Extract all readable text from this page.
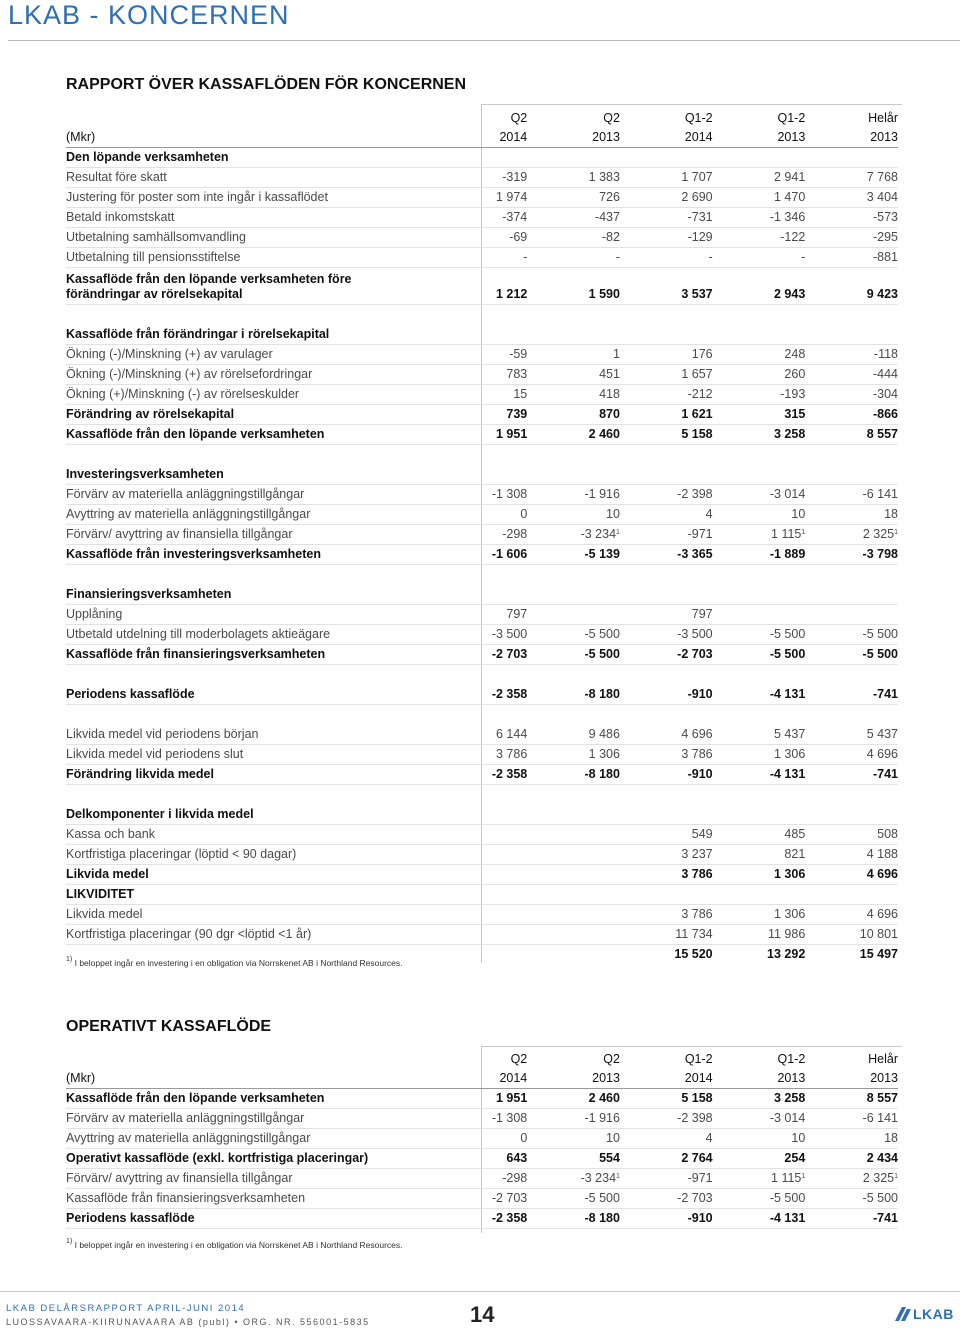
LKAB - KONCERNEN
RAPPORT ÖVER KASSAFLÖDEN FÖR KONCERNEN
	Q2	Q2	Q1-2	Q1-2	Helår
(Mkr)	2014	2013	2014	2013	2013
Den löpande verksamheten					
Resultat före skatt	-319	1 383	1 707	2 941	7 768
Justering för poster som inte ingår i kassaflödet	1 974	726	2 690	1 470	3 404
Betald inkomstskatt	-374	-437	-731	-1 346	-573
Utbetalning samhällsomvandling	-69	-82	-129	-122	-295
Utbetalning till pensionsstiftelse	-	-	-	-	-881
Kassaflöde från den löpande verksamheten före
förändringar av rörelsekapital	1 212	1 590	3 537	2 943	9 423

Kassaflöde från förändringar i rörelsekapital					
Ökning (-)/Minskning (+) av varulager	-59	1	176	248	-118
Ökning (-)/Minskning (+) av rörelsefordringar	783	451	1 657	260	-444
Ökning (+)/Minskning (-) av rörelseskulder	15	418	-212	-193	-304
Förändring av rörelsekapital	739	870	1 621	315	-866
Kassaflöde från den löpande verksamheten	1 951	2 460	5 158	3 258	8 557

Investeringsverksamheten					
Förvärv av materiella anläggningstillgångar	-1 308	-1 916	-2 398	-3 014	-6 141
Avyttring av materiella anläggningstillgångar	0	10	4	10	18
Förvärv/ avyttring av finansiella tillgångar	-298	-3 $234^1$	-971	1 $115^1$	2 $325^1$
Kassaflöde från investeringsverksamheten	-1 606	-5 139	-3 365	-1 889	-3 798

Finansieringsverksamheten					
Upplåning	797		797		
Utbetald utdelning till moderbolagets aktieägare	-3 500	-5 500	-3 500	-5 500	-5 500
Kassaflöde från finansieringsverksamheten	-2 703	-5 500	-2 703	-5 500	-5 500

Periodens kassaflöde	-2 358	-8 180	-910	-4 131	-741

Likvida medel vid periodens början	6 144	9 486	4 696	5 437	5 437
Likvida medel vid periodens slut	3 786	1 306	3 786	1 306	4 696
Förändring likvida medel	-2 358	-8 180	-910	-4 131	-741

Delkomponenter i likvida medel					
Kassa och bank			549	485	508
Kortfristiga placeringar (löptid < 90 dagar)			3 237	821	4 188
Likvida medel			3 786	1 306	4 696
LIKVIDITET					
Likvida medel			3 786	1 306	4 696
Kortfristiga placeringar (90 dgr <löptid <1 år)			11 734	11 986	10 801
			15 520	13 292	15 497
$^{1)}$ I beloppet ingår en investering i en obligation via Norrskenet AB i Northland Resources.
OPERATIVT KASSAFLÖDE
	Q2	Q2	Q1-2	Q1-2	Helår
(Mkr)	2014	2013	2014	2013	2013
Kassaflöde från den löpande verksamheten	1 951	2 460	5 158	3 258	8 557
Förvärv av materiella anläggningstillgångar	-1 308	-1 916	-2 398	-3 014	-6 141
Avyttring av materiella anläggningstillgångar	0	10	4	10	18
Operativt kassaflöde (exkl. kortfristiga placeringar)	643	554	2 764	254	2 434
Förvärv/ avyttring av finansiella tillgångar	-298	-3 $234^1$	-971	1 $115^1$	2 $325^1$
Kassaflöde från finansieringsverksamheten	-2 703	-5 500	-2 703	-5 500	-5 500
Periodens kassaflöde	-2 358	-8 180	-910	-4 131	-741
$^{1)}$ I beloppet ingår en investering i en obligation via Norrskenet AB i Northland Resources.
LKAB DELÅRSRAPPORT APRIL-JUNI 2014
LUOSSAVAARA-KIIRUNAVAARA AB (publ) • ORG. NR. 556001-5835	14	LKAB
